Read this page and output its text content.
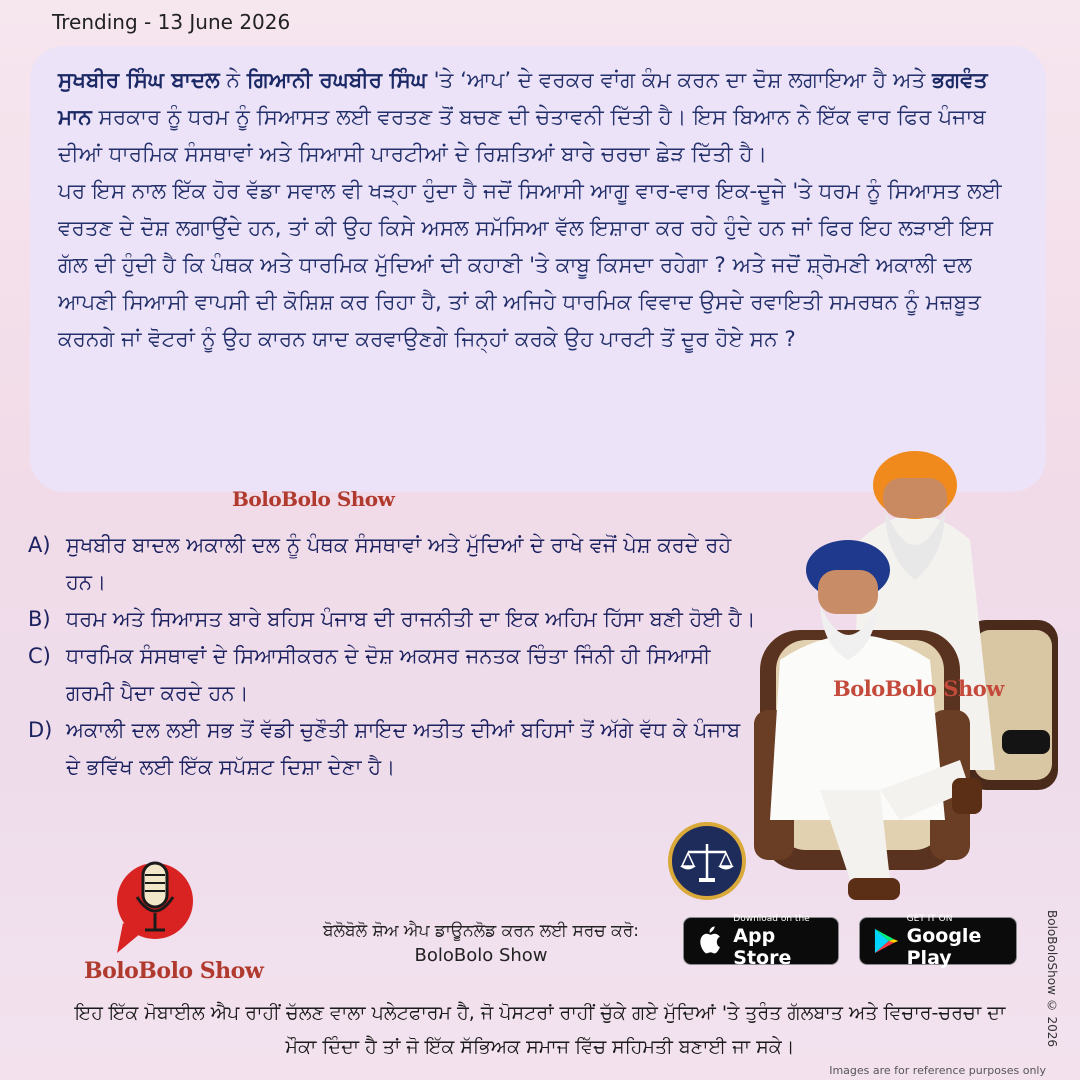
Trending - 13 June 2026

ਸੁਖਬੀਰ ਸਿੰਘ ਬਾਦਲ ਨੇ ਗਿਆਨੀ ਰਘਬੀਰ ਸਿੰਘ 'ਤੇ ‘ਆਪ’ ਦੇ ਵਰਕਰ ਵਾਂਗ ਕੰਮ ਕਰਨ ਦਾ ਦੋਸ਼ ਲਗਾਇਆ ਹੈ ਅਤੇ ਭਗਵੰਤ ਮਾਨ ਸਰਕਾਰ ਨੂੰ ਧਰਮ ਨੂੰ ਸਿਆਸਤ ਲਈ ਵਰਤਣ ਤੋਂ ਬਚਣ ਦੀ ਚੇਤਾਵਨੀ ਦਿੱਤੀ ਹੈ। ਇਸ ਬਿਆਨ ਨੇ ਇੱਕ ਵਾਰ ਫਿਰ ਪੰਜਾਬ ਦੀਆਂ ਧਾਰਮਿਕ ਸੰਸਥਾਵਾਂ ਅਤੇ ਸਿਆਸੀ ਪਾਰਟੀਆਂ ਦੇ ਰਿਸ਼ਤਿਆਂ ਬਾਰੇ ਚਰਚਾ ਛੇੜ ਦਿੱਤੀ ਹੈ।

ਪਰ ਇਸ ਨਾਲ ਇੱਕ ਹੋਰ ਵੱਡਾ ਸਵਾਲ ਵੀ ਖੜ੍ਹਾ ਹੁੰਦਾ ਹੈ ਜਦੋਂ ਸਿਆਸੀ ਆਗੂ ਵਾਰ-ਵਾਰ ਇਕ-ਦੂਜੇ 'ਤੇ ਧਰਮ ਨੂੰ ਸਿਆਸਤ ਲਈ ਵਰਤਣ ਦੇ ਦੋਸ਼ ਲਗਾਉਂਦੇ ਹਨ, ਤਾਂ ਕੀ ਉਹ ਕਿਸੇ ਅਸਲ ਸਮੱਸਿਆ ਵੱਲ ਇਸ਼ਾਰਾ ਕਰ ਰਹੇ ਹੁੰਦੇ ਹਨ ਜਾਂ ਫਿਰ ਇਹ ਲੜਾਈ ਇਸ ਗੱਲ ਦੀ ਹੁੰਦੀ ਹੈ ਕਿ ਪੰਥਕ ਅਤੇ ਧਾਰਮਿਕ ਮੁੱਦਿਆਂ ਦੀ ਕਹਾਣੀ 'ਤੇ ਕਾਬੂ ਕਿਸਦਾ ਰਹੇਗਾ ? ਅਤੇ ਜਦੋਂ ਸ਼੍ਰੋਮਣੀ ਅਕਾਲੀ ਦਲ ਆਪਣੀ ਸਿਆਸੀ ਵਾਪਸੀ ਦੀ ਕੋਸ਼ਿਸ਼ ਕਰ ਰਿਹਾ ਹੈ, ਤਾਂ ਕੀ ਅਜਿਹੇ ਧਾਰਮਿਕ ਵਿਵਾਦ ਉਸਦੇ ਰਵਾਇਤੀ ਸਮਰਥਨ ਨੂੰ ਮਜ਼ਬੂਤ ਕਰਨਗੇ ਜਾਂ ਵੋਟਰਾਂ ਨੂੰ ਉਹ ਕਾਰਨ ਯਾਦ ਕਰਵਾਉਣਗੇ ਜਿਨ੍ਹਾਂ ਕਰਕੇ ਉਹ ਪਾਰਟੀ ਤੋਂ ਦੂਰ ਹੋਏ ਸਨ ?

BoloBolo Show
A) ਸੁਖਬੀਰ ਬਾਦਲ ਅਕਾਲੀ ਦਲ ਨੂੰ ਪੰਥਕ ਸੰਸਥਾਵਾਂ ਅਤੇ ਮੁੱਦਿਆਂ ਦੇ ਰਾਖੇ ਵਜੋਂ ਪੇਸ਼ ਕਰਦੇ ਰਹੇ ਹਨ।
B) ਧਰਮ ਅਤੇ ਸਿਆਸਤ ਬਾਰੇ ਬਹਿਸ ਪੰਜਾਬ ਦੀ ਰਾਜਨੀਤੀ ਦਾ ਇਕ ਅਹਿਮ ਹਿੱਸਾ ਬਣੀ ਹੋਈ ਹੈ।
C) ਧਾਰਮਿਕ ਸੰਸਥਾਵਾਂ ਦੇ ਸਿਆਸੀਕਰਨ ਦੇ ਦੋਸ਼ ਅਕਸਰ ਜਨਤਕ ਚਿੰਤਾ ਜਿੰਨੀ ਹੀ ਸਿਆਸੀ ਗਰਮੀ ਪੈਦਾ ਕਰਦੇ ਹਨ।
D) ਅਕਾਲੀ ਦਲ ਲਈ ਸਭ ਤੋਂ ਵੱਡੀ ਚੁਣੌਤੀ ਸ਼ਾਇਦ ਅਤੀਤ ਦੀਆਂ ਬਹਿਸਾਂ ਤੋਂ ਅੱਗੇ ਵੱਧ ਕੇ ਪੰਜਾਬ ਦੇ ਭਵਿੱਖ ਲਈ ਇੱਕ ਸਪੱਸ਼ਟ ਦਿਸ਼ਾ ਦੇਣਾ ਹੈ।
BoloBolo Show
BoloBolo Show
ਬੋਲੋਬੋਲੋ ਸ਼ੋਅ ਐਪ ਡਾਊਨਲੋਡ ਕਰਨ ਲਈ ਸਰਚ ਕਰੋ:
BoloBolo Show
Download on the
App Store
GET IT ON
Google Play
ਇਹ ਇੱਕ ਮੋਬਾਈਲ ਐਪ ਰਾਹੀਂ ਚੱਲਣ ਵਾਲਾ ਪਲੇਟਫਾਰਮ ਹੈ, ਜੋ ਪੋਸਟਰਾਂ ਰਾਹੀਂ ਚੁੱਕੇ ਗਏ ਮੁੱਦਿਆਂ 'ਤੇ ਤੁਰੰਤ ਗੱਲਬਾਤ ਅਤੇ ਵਿਚਾਰ-ਚਰਚਾ ਦਾ ਮੌਕਾ ਦਿੰਦਾ ਹੈ ਤਾਂ ਜੋ ਇੱਕ ਸੱਭਿਅਕ ਸਮਾਜ ਵਿੱਚ ਸਹਿਮਤੀ ਬਣਾਈ ਜਾ ਸਕੇ।	BoloBoloShow © 2026
Images are for reference purposes only
